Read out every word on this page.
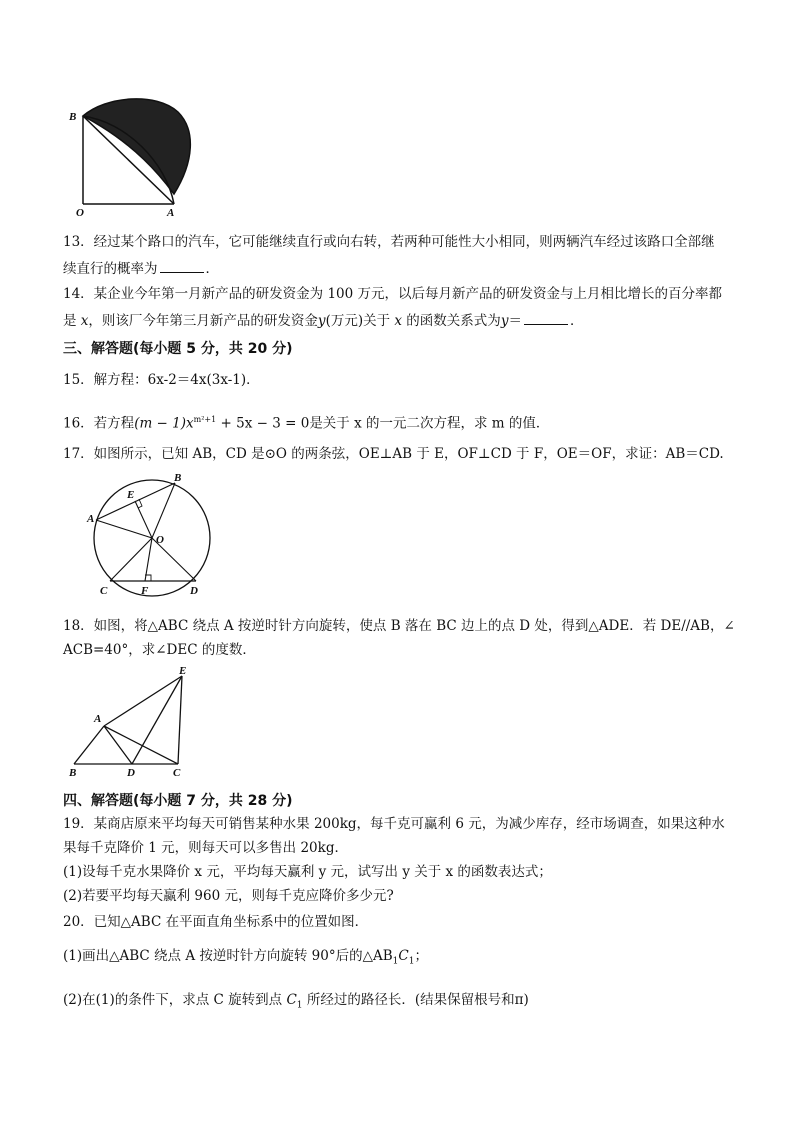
B
O	A
13．经过某个路口的汽车，它可能继续直行或向右转，若两种可能性大小相同，则两辆汽车经过该路口全部继
续直行的概率为	．
14．某企业今年第一月新产品的研发资金为 100 万元，以后每月新产品的研发资金与上月相比增长的百分率都
是 x，则该厂今年第三月新产品的研发资金y(万元)关于 x 的函数关系式为y＝	．
三、解答题(每小题 5 分，共 20 分)
15．解方程：6x-2＝4x(3x-1)．
16．若方程$(m - 1)x^{m^2+1} + 5x - 3 = 0$是关于 x 的一元二次方程，求 m 的值．
17．如图所示，已知 AB，CD 是⊙O 的两条弦，OE⊥AB 于 E，OF⊥CD 于 F，OE＝OF，求证：AB＝CD.
A
B
C	D
E
F
O
18．如图，将△ABC 绕点 A 按逆时针方向旋转，使点 B 落在 BC 边上的点 D 处，得到△ADE．若 DE//AB，∠
ACB=40°，求∠DEC 的度数．
A
B	D	C
E
四、解答题(每小题 7 分，共 28 分)
19．某商店原来平均每天可销售某种水果 200kg，每千克可赢利 6 元，为减少库存，经市场调查，如果这种水
果每千克降价 1 元，则每天可以多售出 20kg．
(1)设每千克水果降价 x 元，平均每天赢利 y 元，试写出 y 关于 x 的函数表达式；
(2)若要平均每天赢利 960 元，则每千克应降价多少元?
20．已知△ABC 在平面直角坐标系中的位置如图．
(1)画出△ABC 绕点 A 按逆时针方向旋转 90°后的$\triangle AB_1C_1$；
(2)在(1)的条件下，求点 C 旋转到点 $C_1$ 所经过的路径长．(结果保留根号和π)
